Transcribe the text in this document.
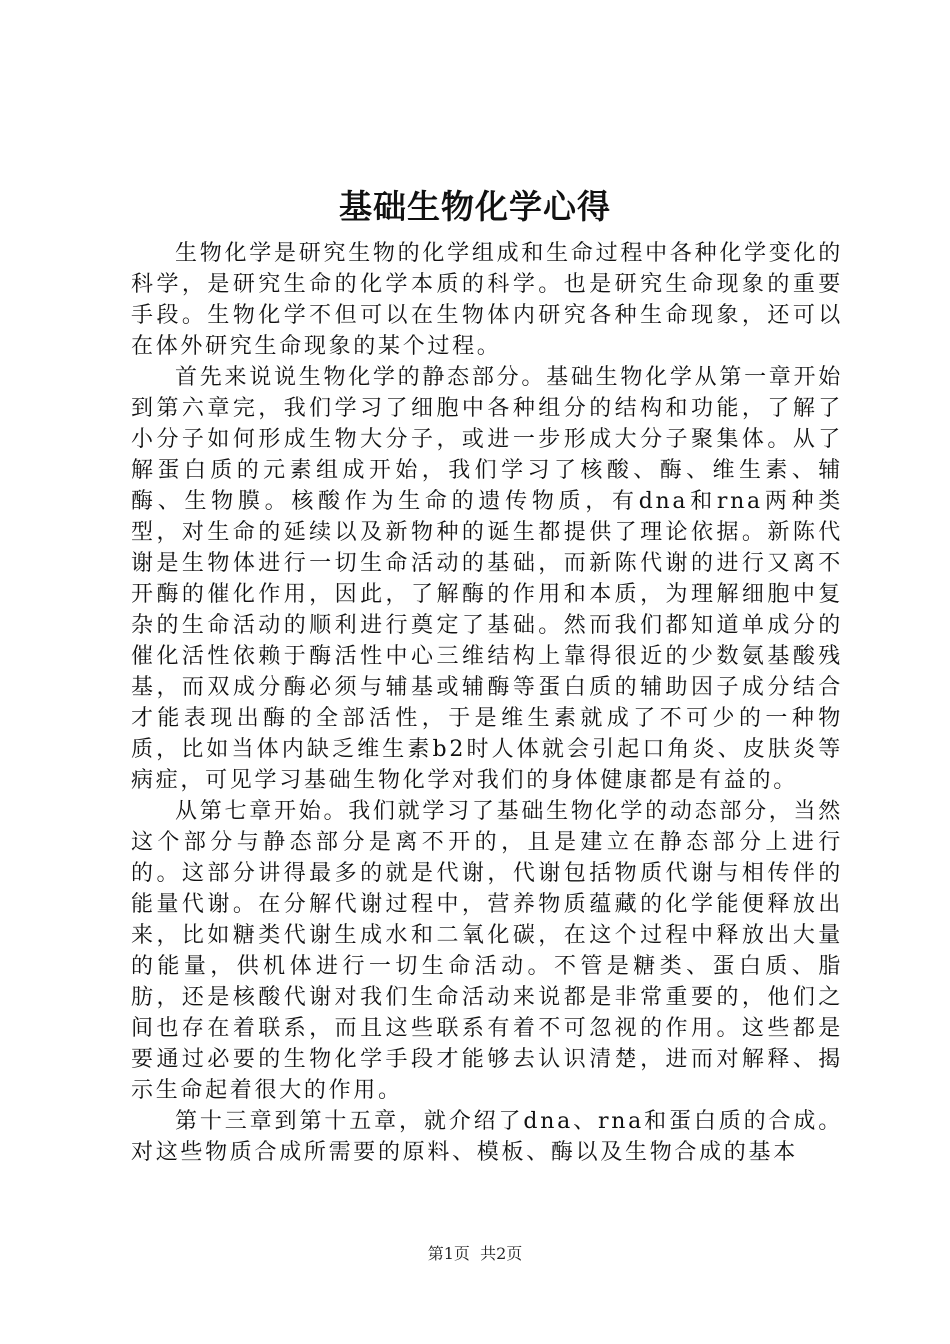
基础生物化学心得

生物化学是研究生物的化学组成和生命过程中各种化学变化的科学，是研究生命的化学本质的科学。也是研究生命现象的重要手段。生物化学不但可以在生物体内研究各种生命现象，还可以在体外研究生命现象的某个过程。

首先来说说生物化学的静态部分。基础生物化学从第一章开始到第六章完，我们学习了细胞中各种组分的结构和功能，了解了小分子如何形成生物大分子，或进一步形成大分子聚集体。从了解蛋白质的元素组成开始，我们学习了核酸、酶、维生素、辅酶、生物膜。核酸作为生命的遗传物质，有dna和rna两种类型，对生命的延续以及新物种的诞生都提供了理论依据。新陈代谢是生物体进行一切生命活动的基础，而新陈代谢的进行又离不开酶的催化作用，因此，了解酶的作用和本质，为理解细胞中复杂的生命活动的顺利进行奠定了基础。然而我们都知道单成分的催化活性依赖于酶活性中心三维结构上靠得很近的少数氨基酸残基，而双成分酶必须与辅基或辅酶等蛋白质的辅助因子成分结合才能表现出酶的全部活性，于是维生素就成了不可少的一种物质，比如当体内缺乏维生素b2时人体就会引起口角炎、皮肤炎等病症，可见学习基础生物化学对我们的身体健康都是有益的。

从第七章开始。我们就学习了基础生物化学的动态部分，当然这个部分与静态部分是离不开的，且是建立在静态部分上进行的。这部分讲得最多的就是代谢，代谢包括物质代谢与相传伴的能量代谢。在分解代谢过程中，营养物质蕴藏的化学能便释放出来，比如糖类代谢生成水和二氧化碳，在这个过程中释放出大量的能量，供机体进行一切生命活动。不管是糖类、蛋白质、脂肪，还是核酸代谢对我们生命活动来说都是非常重要的，他们之间也存在着联系，而且这些联系有着不可忽视的作用。这些都是要通过必要的生物化学手段才能够去认识清楚，进而对解释、揭示生命起着很大的作用。

第十三章到第十五章，就介绍了dna、rna和蛋白质的合成。对这些物质合成所需要的原料、模板、酶以及生物合成的基本

第1页 共2页
